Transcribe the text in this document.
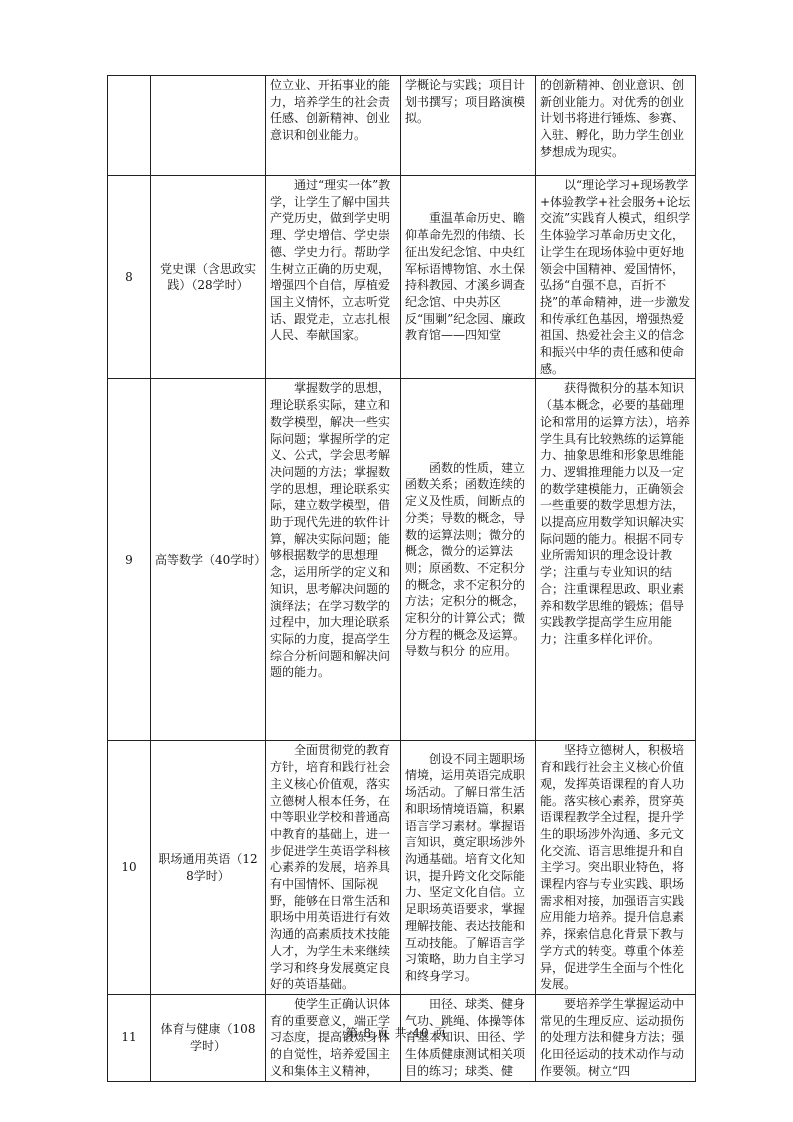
		位立业、开拓事业的能力，培养学生的社会责任感、创新精神、创业意识和创业能力。	学概论与实践；项目计划书撰写；项目路演模拟。	的创新精神、创业意识、创新创业能力。对优秀的创业计划书将进行锤炼、参赛、入驻、孵化，助力学生创业梦想成为现实。

8	党史课（含思政实践）（28学时）	通过“理实一体”教学，让学生了解中国共产党历史，做到学史明理、学史增信、学史崇德、学史力行。帮助学生树立正确的历史观，增强四个自信，厚植爱国主义情怀，立志听党话、跟党走，立志扎根人民、奉献国家。	重温革命历史、瞻仰革命先烈的伟绩、长征出发纪念馆、中央红军标语博物馆、水土保持科教园、才溪乡调查纪念馆、中央苏区反“围剿”纪念园、廉政教育馆——四知堂	以“理论学习+现场教学+体验教学+社会服务+论坛交流”实践育人模式，组织学生体验学习革命历史文化，让学生在现场体验中更好地领会中国精神、爱国情怀，弘扬“自强不息，百折不挠”的革命精神，进一步激发和传承红色基因，增强热爱祖国、热爱社会主义的信念和振兴中华的责任感和使命感。

9	高等数学（40学时）	掌握数学的思想，理论联系实际，建立和数学模型，解决一些实际问题；掌握所学的定义、公式，学会思考解决问题的方法；掌握数学的思想，理论联系实际，建立数学模型，借助于现代先进的软件计算，解决实际问题；能够根据数学的思想理念，运用所学的定义和知识，思考解决问题的演绎法；在学习数学的过程中，加大理论联系实际的力度，提高学生综合分析问题和解决问题的能力。	函数的性质，建立函数关系；函数连续的定义及性质，间断点的分类；导数的概念，导数的运算法则；微分的概念，微分的运算法则；原函数、不定积分的概念，求不定积分的方法；定积分的概念，定积分的计算公式；微分方程的概念及运算。导数与积分 的应用。	获得微积分的基本知识（基本概念，必要的基础理论和常用的运算方法），培养学生具有比较熟练的运算能力、抽象思维和形象思维能力、逻辑推理能力以及一定的数学建模能力，正确领会一些重要的数学思想方法，以提高应用数学知识解决实际问题的能力。根据不同专业所需知识的理念设计教学；注重与专业知识的结合；注重课程思政、职业素养和数学思维的锻炼；倡导实践教学提高学生应用能力；注重多样化评价。

10	职场通用英语（128学时）	全面贯彻党的教育方针，培育和践行社会主义核心价值观，落实立德树人根本任务，在中等职业学校和普通高中教育的基础上，进一步促进学生英语学科核心素养的发展，培养具有中国情怀、国际视野，能够在日常生活和职场中用英语进行有效沟通的高素质技术技能人才，为学生未来继续学习和终身发展奠定良好的英语基础。	创设不同主题职场情境，运用英语完成职场活动。了解日常生活和职场情境语篇，积累语言学习素材。掌握语言知识，奠定职场涉外沟通基础。培育文化知识，提升跨文化交际能力、坚定文化自信。立足职场英语要求，掌握理解技能、表达技能和互动技能。了解语言学习策略，助力自主学习和终身学习。	坚持立德树人，积极培育和践行社会主义核心价值观，发挥英语课程的育人功能。落实核心素养，贯穿英语课程教学全过程，提升学生的职场涉外沟通、多元文化交流、语言思维提升和自主学习。突出职业特色，将课程内容与专业实践、职场需求相对接，加强语言实践应用能力培养。提升信息素养，探索信息化背景下教与学方式的转变。尊重个体差异，促进学生全面与个性化发展。

11	体育与健康（108学时）	使学生正确认识体育的重要意义，端正学习态度，提高锻炼身体的自觉性，培养爱国主义和集体主义精神，	田径、球类、健身气功、跳绳、体操等体育基本知识、田径、学生体质健康测试相关项目的练习；球类、健	要培养学生掌握运动中常见的生理反应、运动损伤的处理方法和健身方法；强化田径运动的技术动作与动作要领。树立“四
第 8 页 共 40 页
